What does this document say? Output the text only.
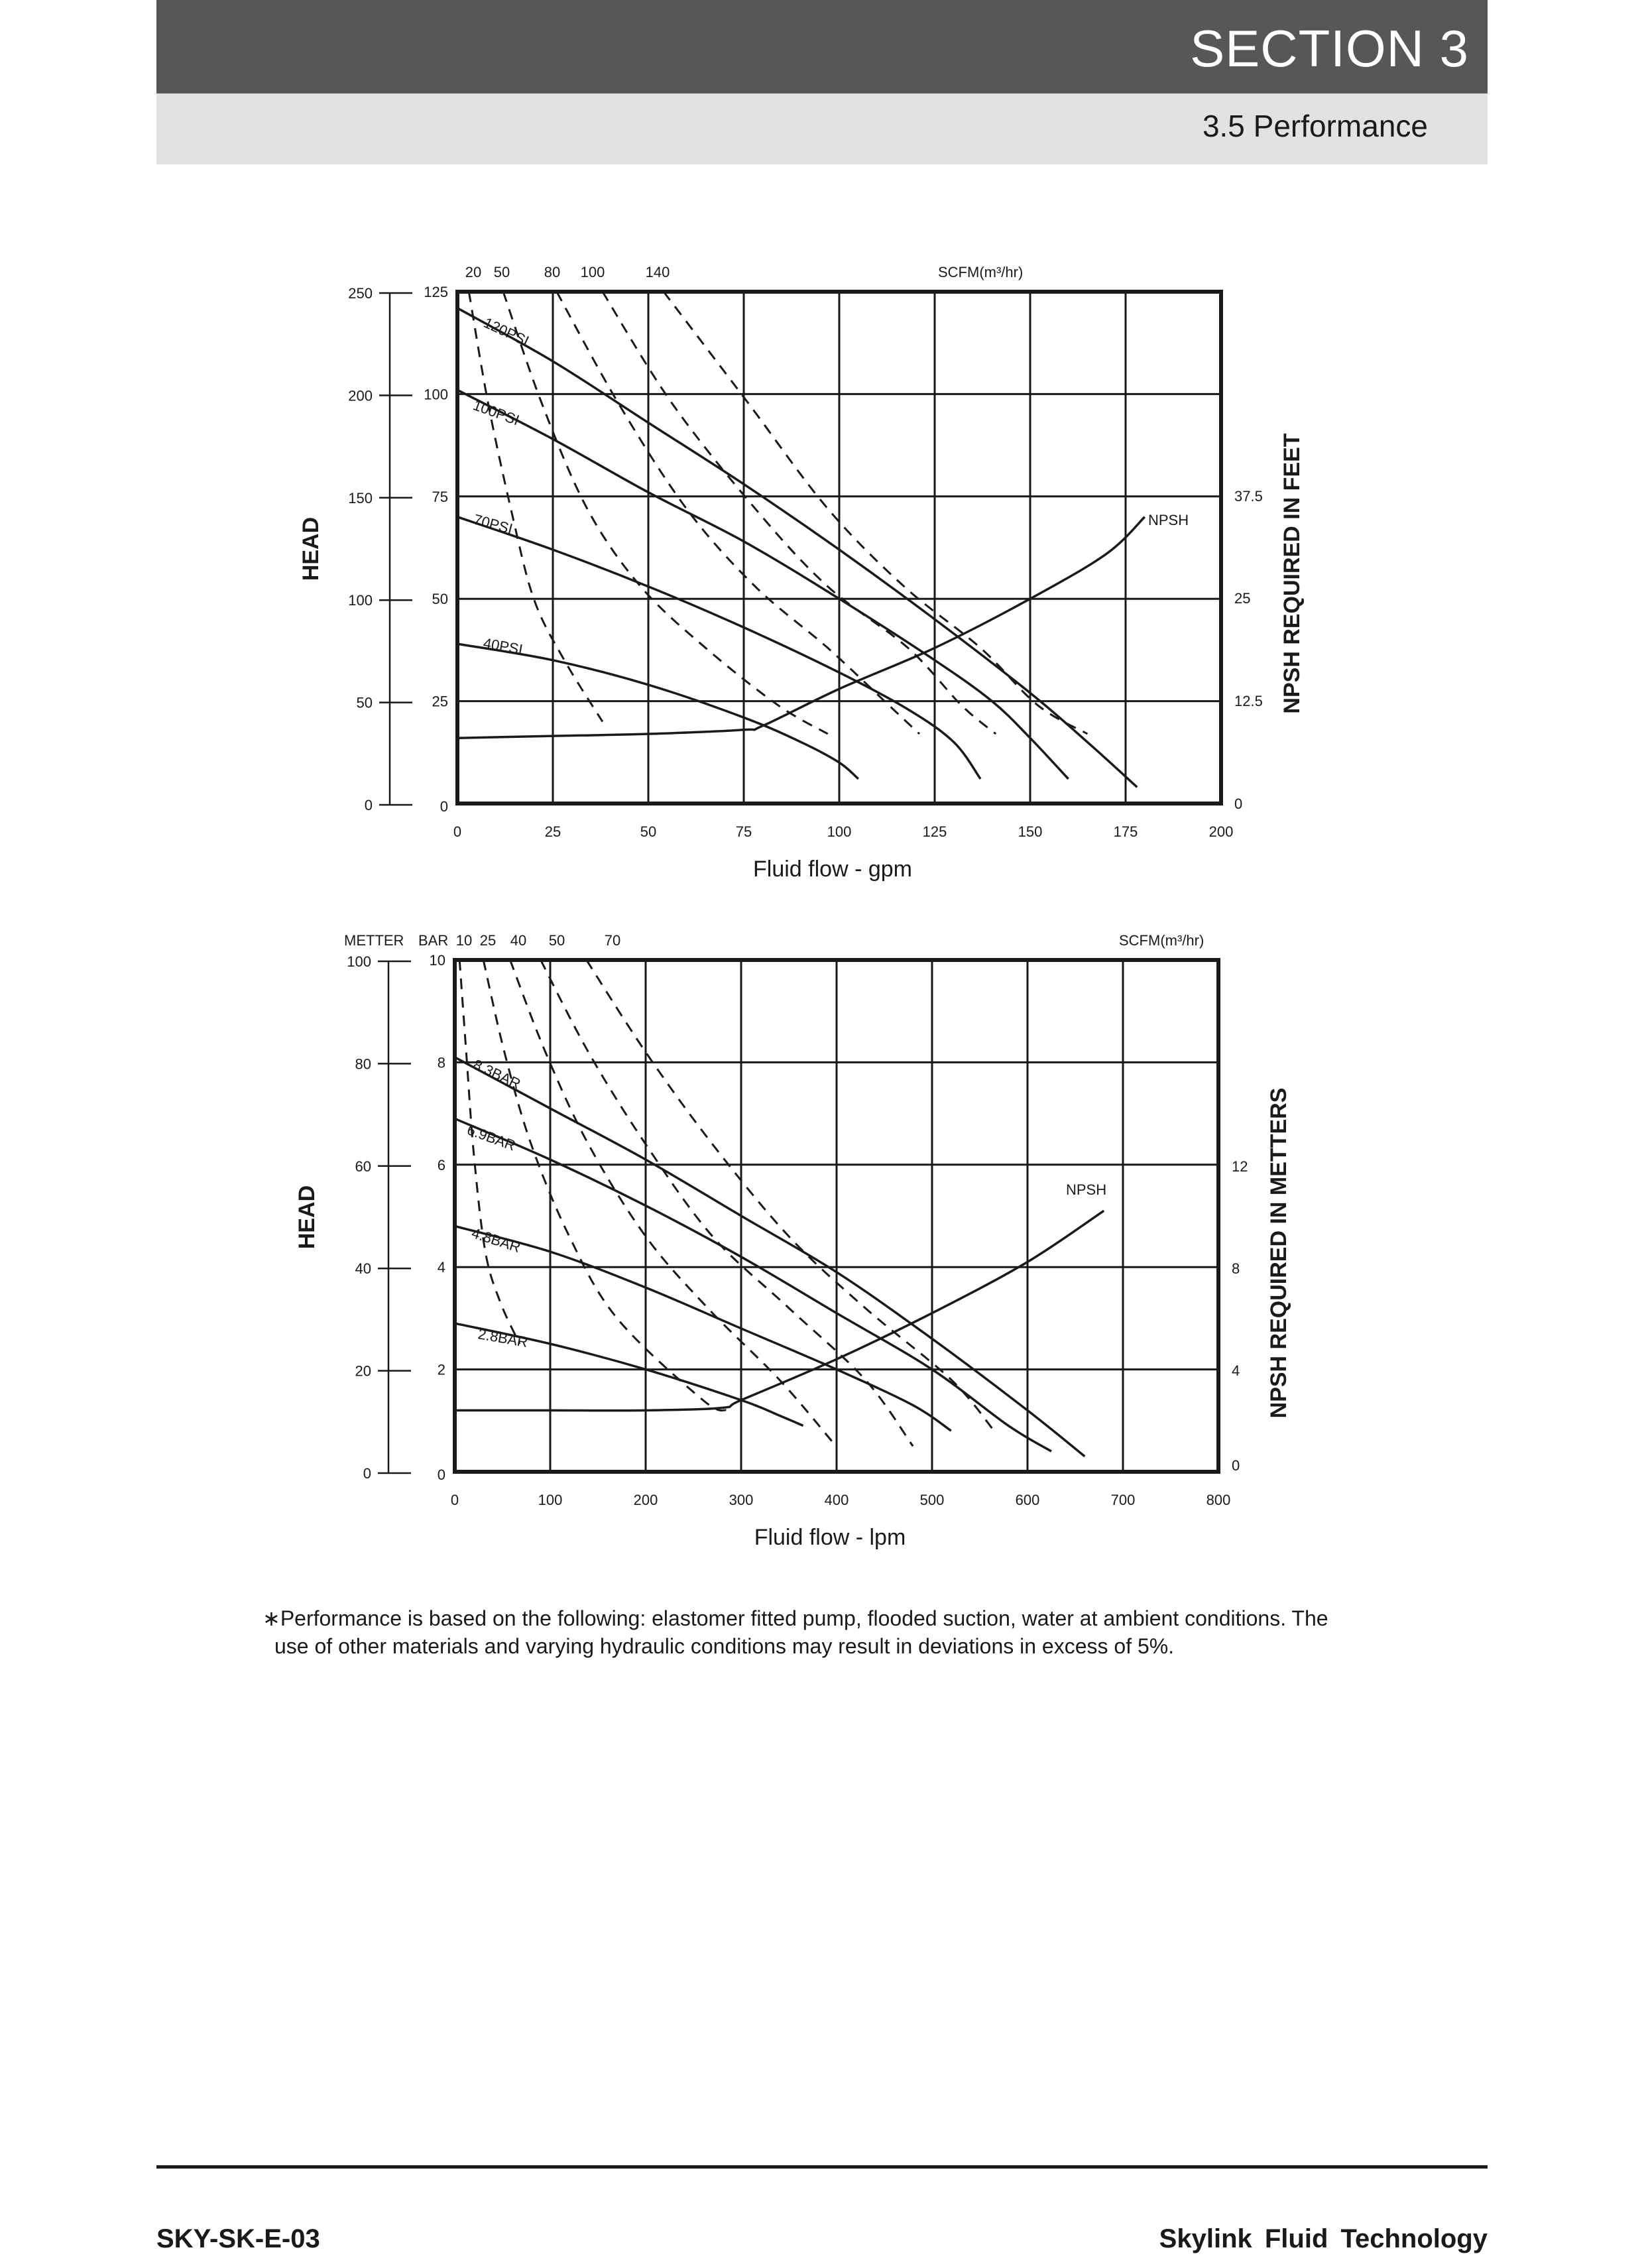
SECTION 3
3.5 Performance
0	25	50	75	100	125	150	175	200
0
25
50
75
100
125
0
50
100
150
200
250
0
12.5
25
37.5
Fluid flow - gpm
HEAD	NPSH REQUIRED IN FEET
SCFM(m³/hr)
20 50 80 100	140
120PSI
100PSI
70PSI
40PSI
NPSH
0	100	200	300	400	500	600	700	800
0
2
4
6
8
10
0
20
40
60
80
100
0
4
8
12
Fluid flow - lpm
HEAD	NPSH REQUIRED IN METTERS
SCFM(m³/hr)
10 25 40 50	70
METTER BAR
8.3BAR
6.9BAR
4.8BAR
2.8BAR
NPSH
∗Performance is based on the following: elastomer fitted pump, flooded suction, water at ambient conditions. The
use of other materials and varying hydraulic conditions may result in deviations in excess of 5%.
SKY-SK-E-03	Skylink Fluid Technology
